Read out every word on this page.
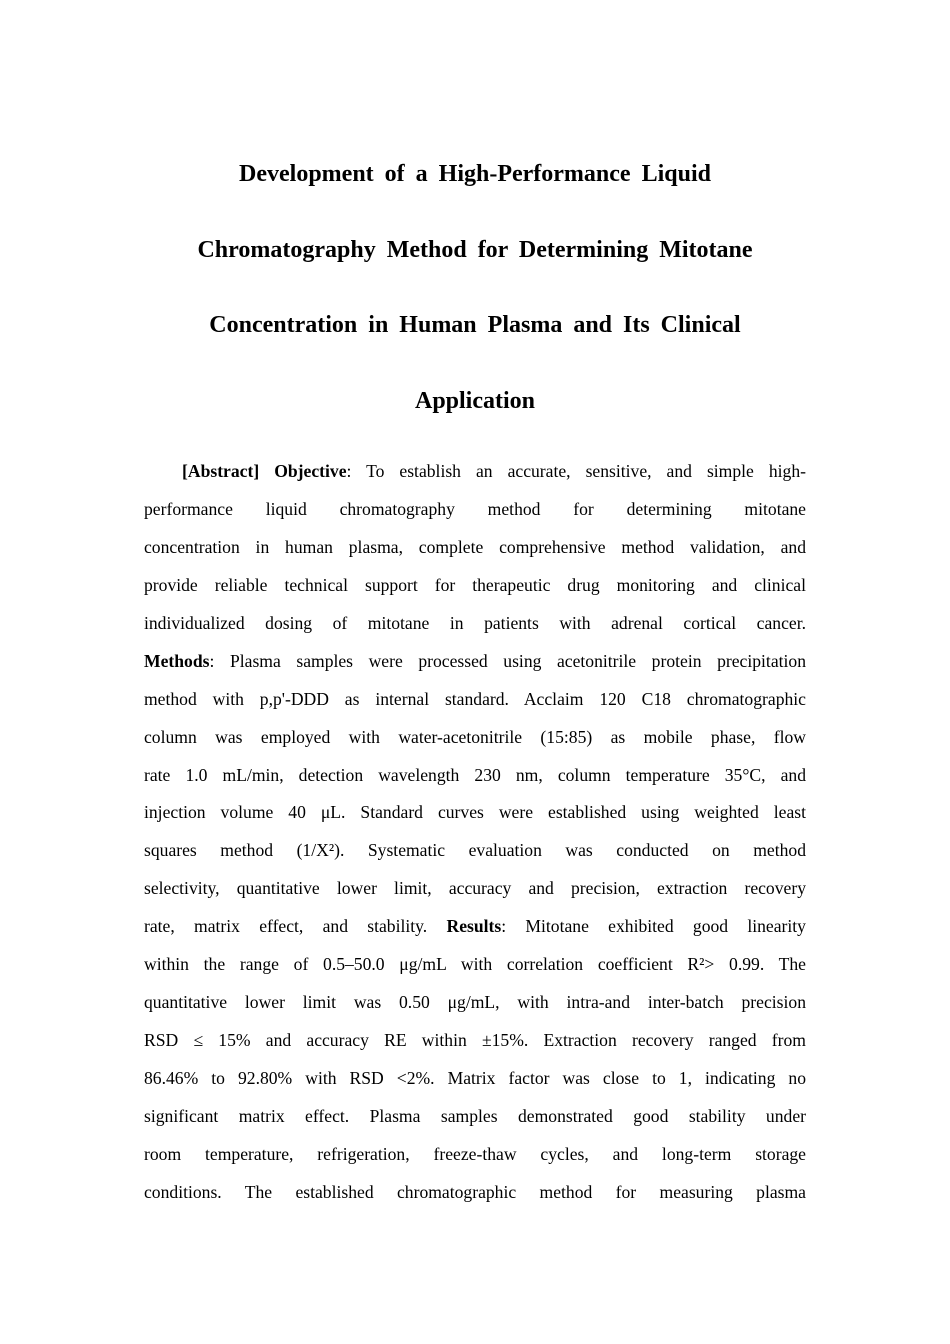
Development of a High-Performance Liquid
Chromatography Method for Determining Mitotane
Concentration in Human Plasma and Its Clinical
Application
[Abstract] Objective: To establish an accurate, sensitive, and simple high-
performance liquid chromatography method for determining mitotane
concentration in human plasma, complete comprehensive method validation, and
provide reliable technical support for therapeutic drug monitoring and clinical
individualized dosing of mitotane in patients with adrenal cortical cancer.
Methods: Plasma samples were processed using acetonitrile protein precipitation
method with p,p'-DDD as internal standard. Acclaim 120 C18 chromatographic
column was employed with water-acetonitrile (15:85) as mobile phase, flow
rate 1.0 mL/min, detection wavelength 230 nm, column temperature 35°C, and
injection volume 40 μL. Standard curves were established using weighted least
squares method (1/X²). Systematic evaluation was conducted on method
selectivity, quantitative lower limit, accuracy and precision, extraction recovery
rate, matrix effect, and stability. Results: Mitotane exhibited good linearity
within the range of 0.5–50.0 μg/mL with correlation coefficient R²> 0.99. The
quantitative lower limit was 0.50 μg/mL, with intra-and inter-batch precision
RSD ≤ 15% and accuracy RE within ±15%. Extraction recovery ranged from
86.46% to 92.80% with RSD <2%. Matrix factor was close to 1, indicating no
significant matrix effect. Plasma samples demonstrated good stability under
room temperature, refrigeration, freeze-thaw cycles, and long-term storage
conditions. The established chromatographic method for measuring plasma
